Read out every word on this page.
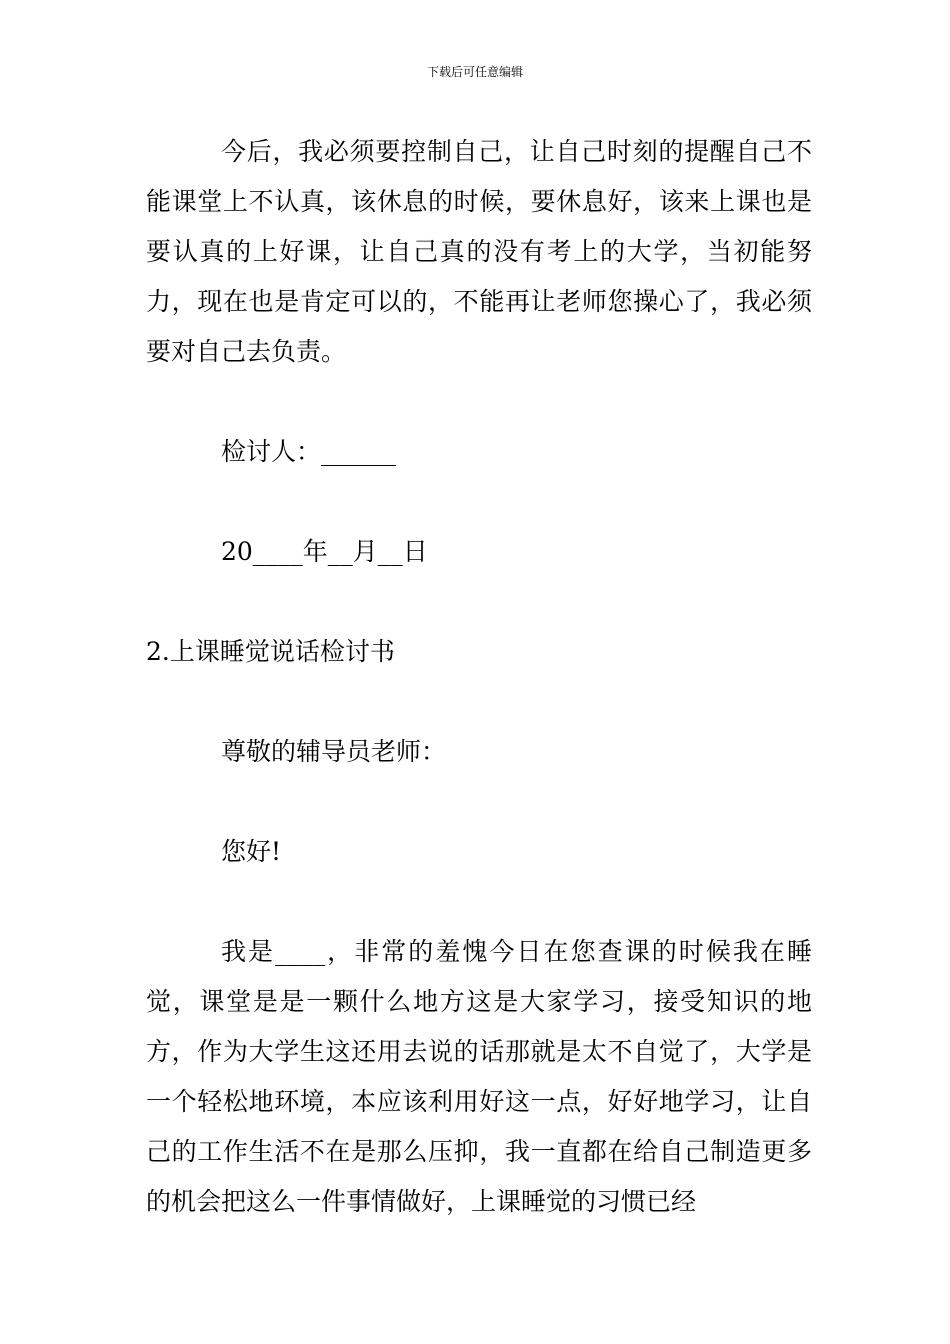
下载后可任意编辑

今后，我必须要控制自己，让自己时刻的提醒自己不能课堂上不认真，该休息的时候，要休息好，该来上课也是要认真的上好课，让自己真的没有考上的大学，当初能努力，现在也是肯定可以的，不能再让老师您操心了，我必须要对自己去负责。

检讨人：______

20____年__月__日

2.上课睡觉说话检讨书

尊敬的辅导员老师：

您好!

我是____，非常的羞愧今日在您查课的时候我在睡觉，课堂是是一颗什么地方这是大家学习，接受知识的地方，作为大学生这还用去说的话那就是太不自觉了，大学是一个轻松地环境，本应该利用好这一点，好好地学习，让自己的工作生活不在是那么压抑，我一直都在给自己制造更多的机会把这么一件事情做好，上课睡觉的习惯已经
